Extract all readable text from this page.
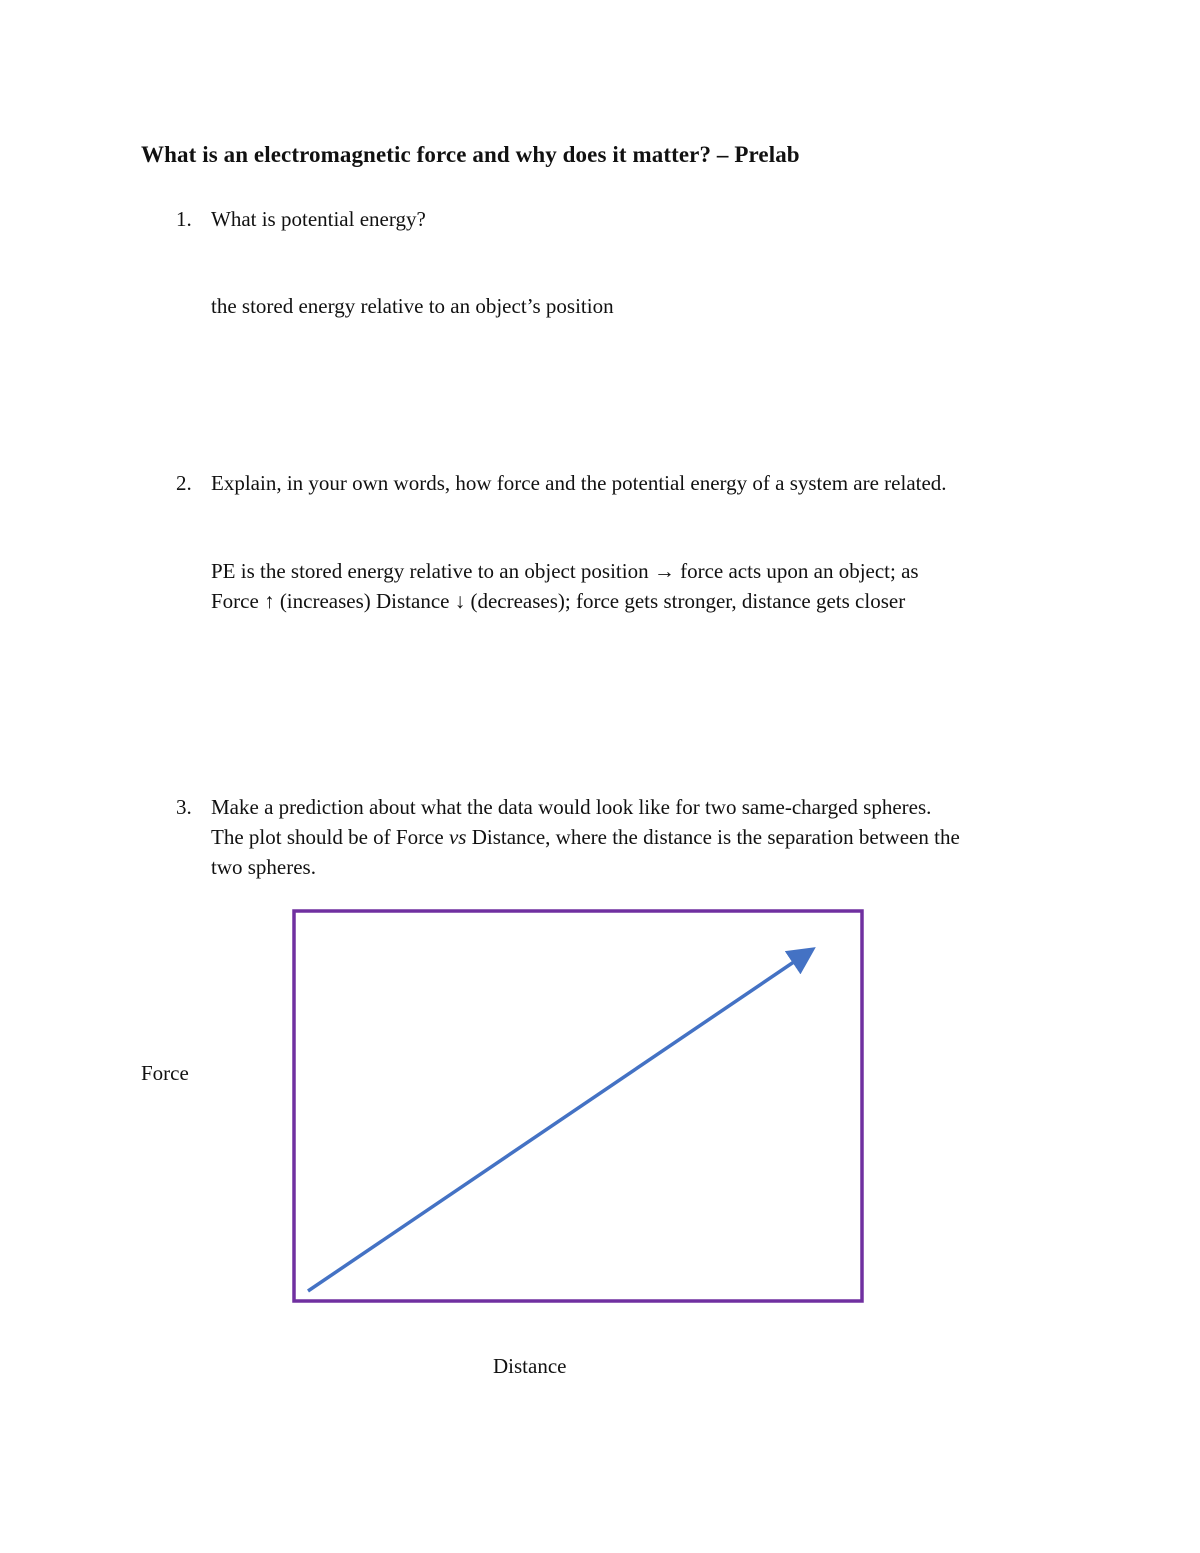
What is an electromagnetic force and why does it matter? – Prelab
1. What is potential energy?
the stored energy relative to an object’s position
2. Explain, in your own words, how force and the potential energy of a system are related.
PE is the stored energy relative to an object position → force acts upon an object; as
Force ↑ (increases) Distance ↓ (decreases); force gets stronger, distance gets closer
3. Make a prediction about what the data would look like for two same-charged spheres.
The plot should be of Force vs Distance, where the distance is the separation between the
two spheres.
Force
Distance
